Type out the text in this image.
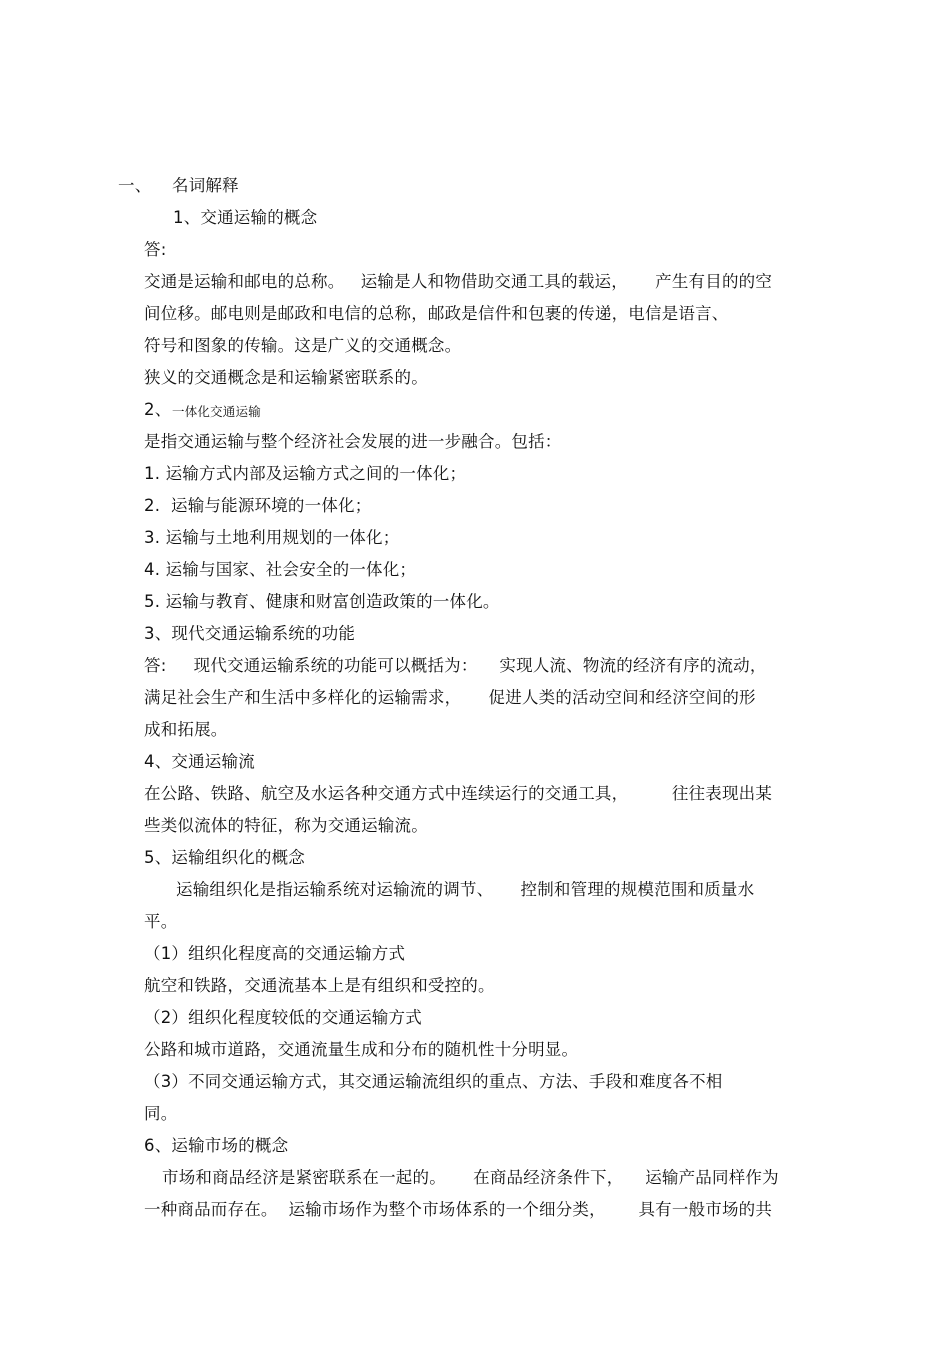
一、 名词解释
1、交通运输的概念
答:
交通是运输和邮电的总称。   运输是人和物借助交通工具的载运，     产生有目的的空
间位移。邮电则是邮政和电信的总称，邮政是信件和包裹的传递，电信是语言、
符号和图象的传输。这是广义的交通概念。
狭义的交通概念是和运输紧密联系的。
2、 一体化交通运输
是指交通运输与整个经济社会发展的进一步融合。包括：
1. 运输方式内部及运输方式之间的一体化；
2.  运输与能源环境的一体化；
3. 运输与土地利用规划的一体化；
4. 运输与国家、社会安全的一体化；
5. 运输与教育、健康和财富创造政策的一体化。
3、现代交通运输系统的功能
答:     现代交通运输系统的功能可以概括为：    实现人流、物流的经济有序的流动，
满足社会生产和生活中多样化的运输需求，     促进人类的活动空间和经济空间的形
成和拓展。
4、交通运输流
在公路、铁路、航空及水运各种交通方式中连续运行的交通工具，        往往表现出某
些类似流体的特征，称为交通运输流。
5、运输组织化的概念
运输组织化是指运输系统对运输流的调节、     控制和管理的规模范围和质量水
平。
（1）组织化程度高的交通运输方式
航空和铁路，交通流基本上是有组织和受控的。
（2）组织化程度较低的交通运输方式
公路和城市道路，交通流量生成和分布的随机性十分明显。
（3）不同交通运输方式，其交通运输流组织的重点、方法、手段和难度各不相
同。
6、运输市场的概念
市场和商品经济是紧密联系在一起的。     在商品经济条件下，    运输产品同样作为
一种商品而存在。  运输市场作为整个市场体系的一个细分类，      具有一般市场的共
